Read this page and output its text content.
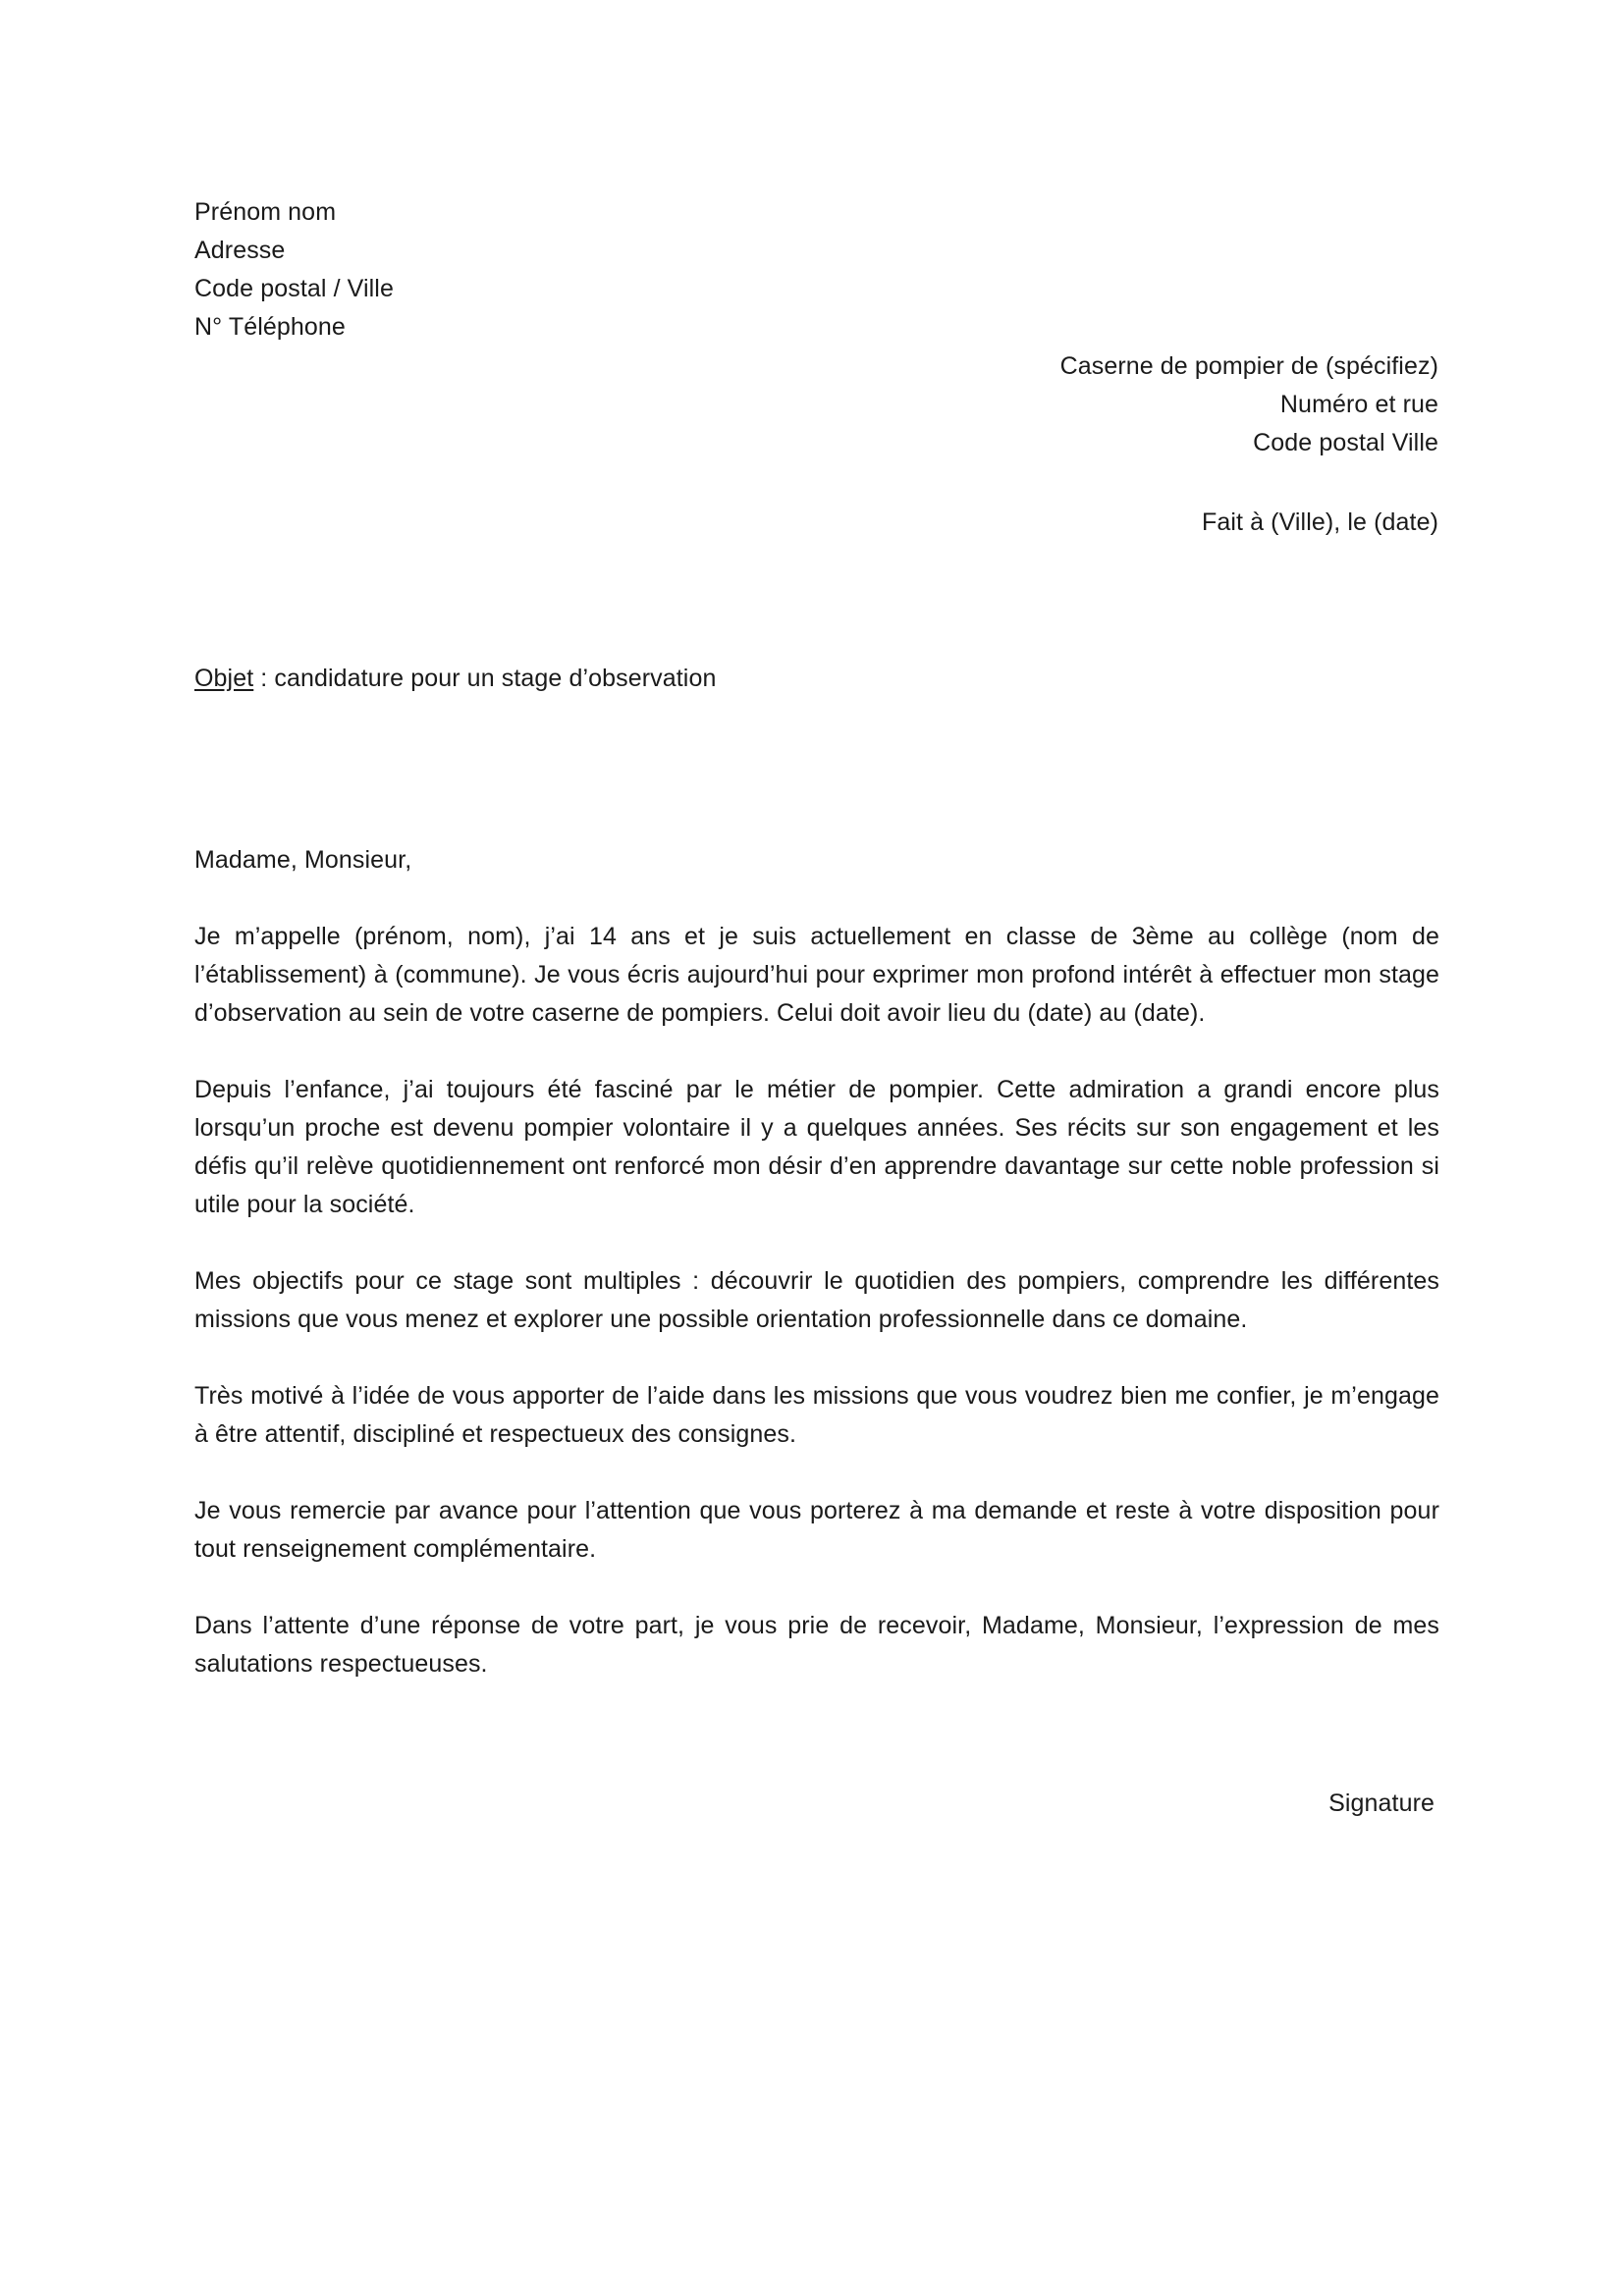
Prénom nom
Adresse
Code postal / Ville
N° Téléphone
Caserne de pompier de (spécifiez)
Numéro et rue
Code postal Ville
Fait à (Ville), le (date)
Objet : candidature pour un stage d’observation
Madame, Monsieur,

Je m’appelle (prénom, nom), j’ai 14 ans et je suis actuellement en classe de 3ème au collège (nom de l’établissement) à (commune). Je vous écris aujourd’hui pour exprimer mon profond intérêt à effectuer mon stage d’observation au sein de votre caserne de pompiers. Celui doit avoir lieu du (date) au (date).

Depuis l’enfance, j’ai toujours été fasciné par le métier de pompier. Cette admiration a grandi encore plus lorsqu’un proche est devenu pompier volontaire il y a quelques années. Ses récits sur son engagement et les défis qu’il relève quotidiennement ont renforcé mon désir d’en apprendre davantage sur cette noble profession si utile pour la société.

Mes objectifs pour ce stage sont multiples : découvrir le quotidien des pompiers, comprendre les différentes missions que vous menez et explorer une possible orientation professionnelle dans ce domaine.

Très motivé à l’idée de vous apporter de l’aide dans les missions que vous voudrez bien me confier, je m’engage à être attentif, discipliné et respectueux des consignes.

Je vous remercie par avance pour l’attention que vous porterez à ma demande et reste à votre disposition pour tout renseignement complémentaire.

Dans l’attente d’une réponse de votre part, je vous prie de recevoir, Madame, Monsieur, l’expression de mes salutations respectueuses.

Signature
